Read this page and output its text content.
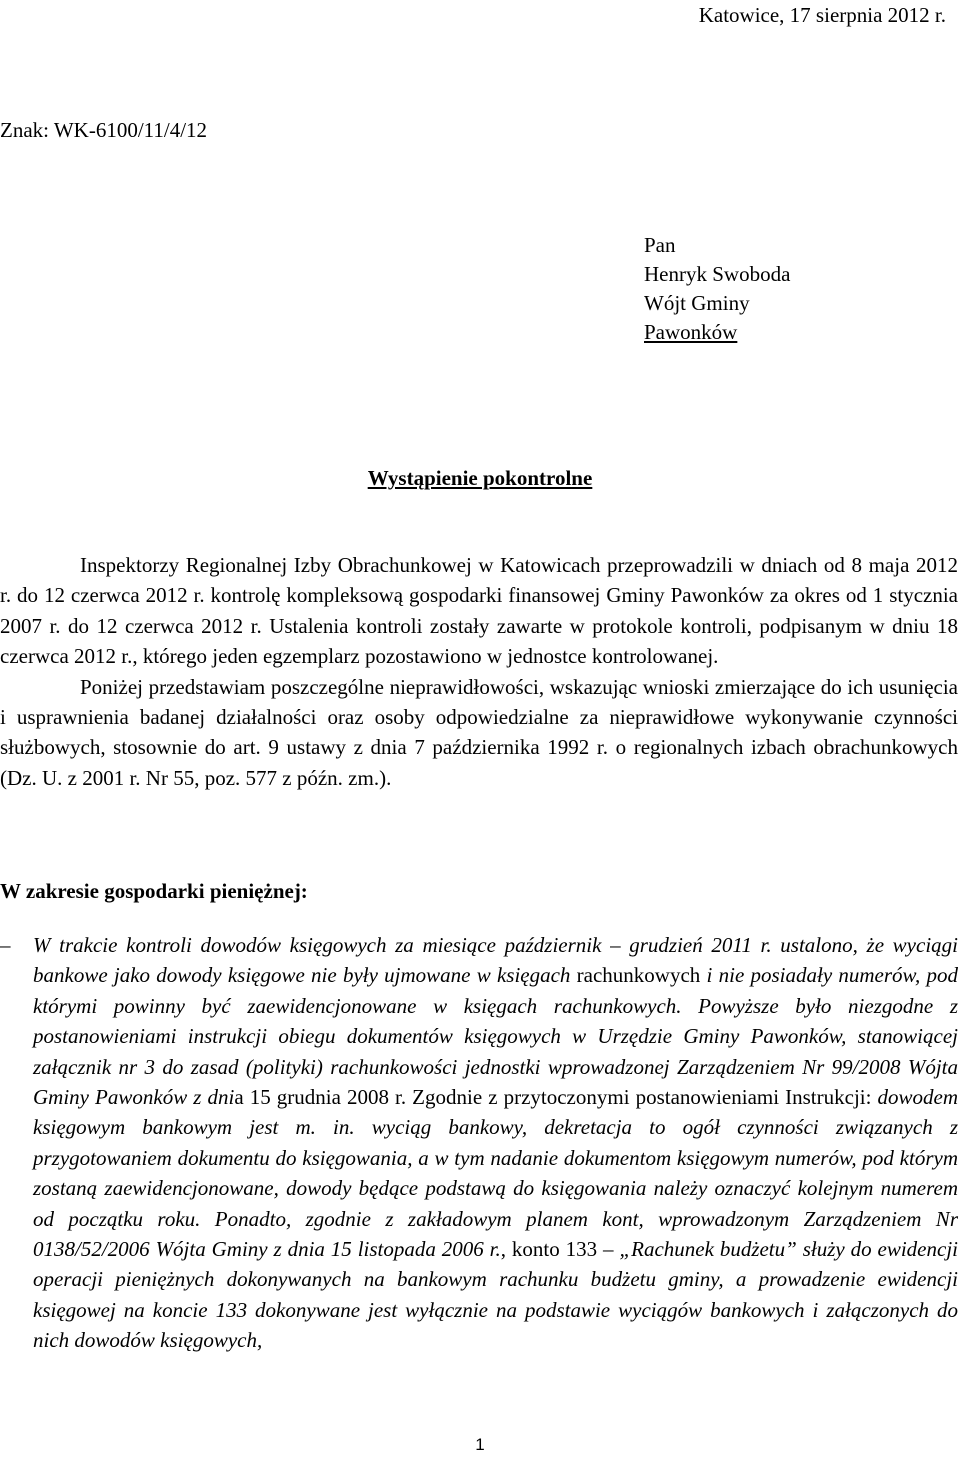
Katowice, 17 sierpnia 2012 r.
Znak: WK-6100/11/4/12
Pan
Henryk Swoboda
Wójt Gminy
Pawonków
Wystąpienie pokontrolne

Inspektorzy Regionalnej Izby Obrachunkowej w Katowicach przeprowadzili w dniach od 8 maja 2012 r. do 12 czerwca 2012 r. kontrolę kompleksową gospodarki finansowej Gminy Pawonków za okres od 1 stycznia 2007 r. do 12 czerwca 2012 r. Ustalenia kontroli zostały zawarte w protokole kontroli, podpisanym w dniu 18 czerwca 2012 r., którego jeden egzemplarz pozostawiono w jednostce kontrolowanej.

Poniżej przedstawiam poszczególne nieprawidłowości, wskazując wnioski zmierzające do ich usunięcia i usprawnienia badanej działalności oraz osoby odpowiedzialne za nieprawidłowe wykonywanie czynności służbowych, stosownie do art. 9 ustawy z dnia 7 października 1992 r. o regionalnych izbach obrachunkowych (Dz. U. z 2001 r. Nr 55, poz. 577 z późn. zm.).

W zakresie gospodarki pieniężnej:
–	W trakcie kontroli dowodów księgowych za miesiące październik – grudzień 2011 r. ustalono, że wyciągi bankowe jako dowody księgowe nie były ujmowane w księgach rachunkowych i nie posiadały numerów, pod którymi powinny być zaewidencjonowane w księgach rachunkowych. Powyższe było niezgodne z postanowieniami instrukcji obiegu dokumentów księgowych w Urzędzie Gminy Pawonków, stanowiącej załącznik nr 3 do zasad (polityki) rachunkowości jednostki wprowadzonej Zarządzeniem Nr 99/2008 Wójta Gminy Pawonków z dnia 15 grudnia 2008 r. Zgodnie z przytoczonymi postanowieniami Instrukcji: dowodem księgowym bankowym jest m. in. wyciąg bankowy, dekretacja to ogół czynności związanych z przygotowaniem dokumentu do księgowania, a w tym nadanie dokumentom księgowym numerów, pod którym zostaną zaewidencjonowane, dowody będące podstawą do księgowania należy oznaczyć kolejnym numerem od początku roku. Ponadto, zgodnie z zakładowym planem kont, wprowadzonym Zarządzeniem Nr 0138/52/2006 Wójta Gminy z dnia 15 listopada 2006 r., konto 133 – „Rachunek budżetu” służy do ewidencji operacji pieniężnych dokonywanych na bankowym rachunku budżetu gminy, a prowadzenie ewidencji księgowej na koncie 133 dokonywane jest wyłącznie na podstawie wyciągów bankowych i załączonych do nich dowodów księgowych,
1
